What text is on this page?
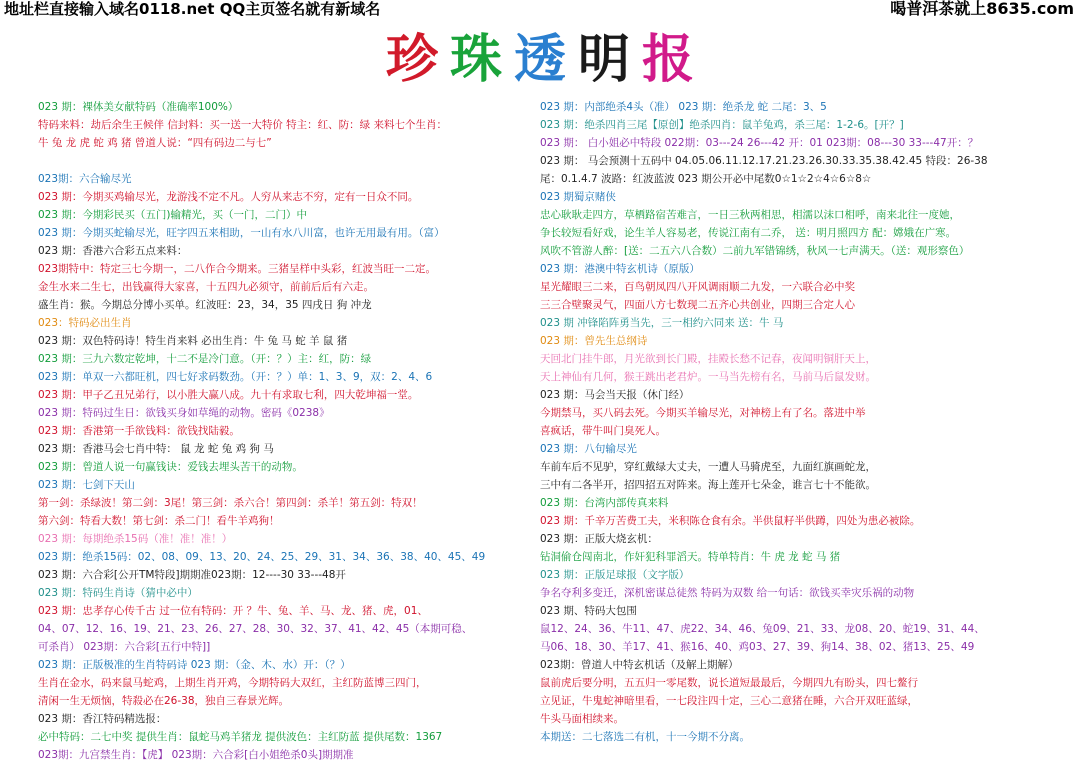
地址栏直接输入域名0118.net QQ主页签名就有新域名	喝普洱茶就上8635.com
珍 珠 透 明 报
023 期：裸体美女献特码（准确率100%）
特码来料：劫后余生王候伴 信封料：买一送一大特价 特主：红、防：绿 来料七个生肖：
牛 兔 龙 虎 蛇 鸡 猪 曾道人说：“四有码边二与七”
023期：六合输尽光
023 期：今期买鸡输尽光，龙游浅不定不凡。人穷从来志不穷，定有一日众不同。
023 期：今期彩民买（五门)输精光，买（一门，二门）中
023 期：今期买蛇输尽光，旺字四五来相助，一山有水八川富，也许无用最有用。（富）
023 期：香港六合彩五点来料：
023期特中：特定三七今期一，二八作合今期来。三猪呈样中头彩，红波当旺一二定。
金生水来二生七，出钱赢得大家喜，十五四九必须守，前前后后有六走。
盛生肖：猴。今期总分博小买单。红波旺：23，34，35 四戌日 狗 冲龙
023：特码必出生肖
023 期：双色特码诗！特生肖来料 必出生肖：牛 兔 马 蛇 羊 鼠 猪
023 期：三九六数定乾坤，十二不是冷门意。（开：？）主：红，防：绿
023 期：单双一六都旺机，四七好求码数劲。（开：？）单：1、3、9，双：2、4、6
023 期：甲子乙丑兄弟行，以小胜大赢八成。九十有求取七利，四大乾坤福一堂。
023 期：特码过生日：欲钱买身如草绳的动物。密码《0238》
023 期：香港第一手欲钱料：欲钱找陆毅。
023 期：香港马会七肖中特： 鼠 龙 蛇 兔 鸡 狗 马
023 期：曾道人说一句赢钱诀：爱钱去埋头苦干的动物。
023 期：七剑下天山
第一剑：杀绿波！第二剑：3尾！第三剑：杀六合！第四剑：杀羊！第五剑：特双！
第六剑：特看大数！第七剑：杀二门！看牛羊鸡狗！
023 期：每期绝杀15码（准！准！准！）
023 期：绝杀15码：02、08、09、13、20、24、25、29、31、34、36、38、40、45、49
023 期：六合彩[公开TM特段]期期准023期：12----30 33---48开
023 期：特码生肖诗（猜中必中）
023 期：忠孝存心传千古 过一位有特码：开 ？牛、兔、羊、马、龙、猪、虎，01、
04、07、12、16、19、21、23、26、27、28、30、32、37、41、42、45（本期可稳、
可杀肖） 023期：六合彩[五行中特]]
023 期：正版极准的生肖特码诗 023 期：（金、木、水）开：（？）
生肖在金水，码来鼠马蛇鸡，上期生肖开鸡，今期特码大双红，主红防蓝博三四门，
清闲一生无烦恼，特殺必在26-38，独自三春景光辉。
023 期：香江特码精选报：
必中特码：二七中奖 提供生肖：鼠蛇马鸡羊猪龙 提供波色：主红防蓝 提供尾数：1367
023期：九宫禁生肖：【虎】 023期：六合彩[白小姐绝杀0头]期期准
023 期：内部绝杀4头（准） 023 期：绝杀龙 蛇 二尾：3、5
023 期：绝杀四肖三尾【原创】绝杀四肖：鼠羊兔鸡，杀三尾：1-2-6。[开？]
023 期： 白小姐必中特段 022期：03---24 26---42 开：01 023期：08---30 33---47开：？
023 期： 马会预测十五码中 04.05.06.11.12.17.21.23.26.30.33.35.38.42.45 特段：26-38
尾：0.1.4.7 波路：红波蓝波 023 期公开必中尾数0☆1☆2☆4☆6☆8☆
023 期蜀京赌侠
忠心耿耿走四方，草栖路宿苦难言，一日三秋两相思，相濡以沫口相呼，南来北往一度她，
争长较短看好戏，论生羊人容易老，传说江南有二乔， 送：明月照四方 配：嫦娥在广寒。
风吹不管游人醉：[送：二五六八合数）二前九军错锦绣，秋风一七声满天。（送：观形察色）
023 期：港澳中特玄机诗（原版）
星光耀眼三二来，百鸟朝凤四八开风调雨顺二九发，一六联合必中奖
三三合壁聚灵气，四面八方七数现二五齐心共创业，四期三合定人心
023 期 冲锋陷阵勇当先，三一相约六同来 送：牛 马
023 期：曾先生总纲诗
天回北门挂牛郎，月光欲到长门殿，挂殿长愁不记春，夜闻明铜肝天上，
天上神仙有几何，猴王跳出老君炉。一马当先榜有名，马前马后鼠发财。
023 期：马会当天报（休门经）
今期禁马，买八码去死。今期买羊输尽光，对神榜上有了名。落进中举
喜疯话，带牛叫门臭死人。
023 期：八句输尽光
车前车后不见驴，穿红戴绿大丈夫，一遭人马骑虎至，九面红旗画蛇龙，
三中有二各半开，招四招五对阵来。海上莲开七朵金，谁言七十不能欲。
023 期：台湾内部传真来料
023 期：千辛万苦费工夫，米积陈仓食有余。半供鼠籽半供蹲，四处为患必被除。
023 期：正版大烧玄机：
钻洞偷仓闯南北，作奸犯科罪滔天。特单特肖：牛 虎 龙 蛇 马 猪
023 期：正版足球报（文字版）
争名夺利多变迁，深机密谋总徒然 特码为双数 给一句话：欲钱买幸灾乐祸的动物
023 期、特码大包围
鼠12、24、36、牛11、47、虎22、34、46、兔09、21、33、龙08、20、蛇19、31、44、
马06、18、30、羊17、41、猴16、40、鸡03、27、39、狗14、38、02、猪13、25、49
023期：曾道人中特玄机话（及解上期解）
鼠前虎后要分明，五五归一零尾数，说长道短最最后，今期四九有盼头，四七鳌行
立见证，牛鬼蛇神暗里看，一七段注四十定，三心二意猪在睡，六合开双旺蓝绿，
牛头马面相续来。
本期送：二七落选二有机，十一今期不分离。
